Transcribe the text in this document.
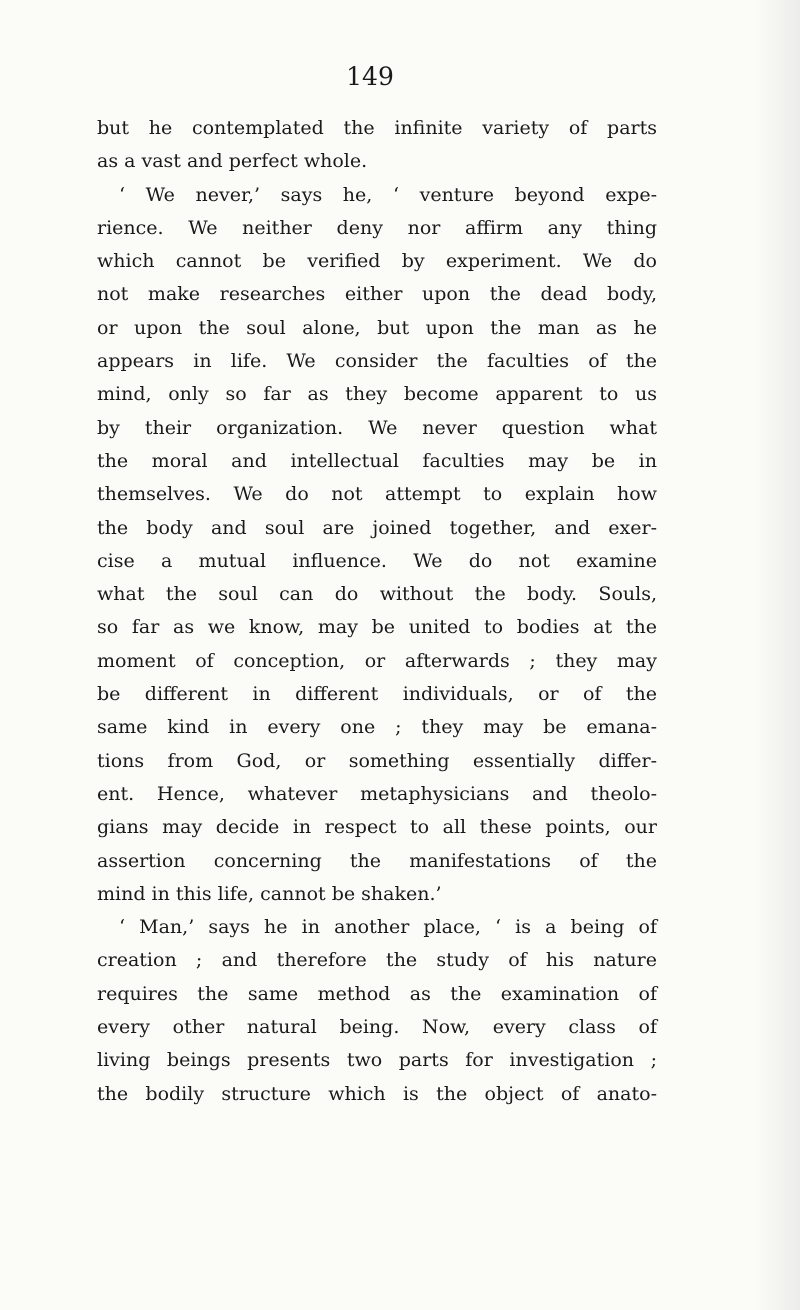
149
but he contemplated the infinite variety of parts
as a vast and perfect whole.
‘ We never,’ says he, ‘ venture beyond expe-
rience. We neither deny nor affirm any thing
which cannot be verified by experiment. We do
not make researches either upon the dead body,
or upon the soul alone, but upon the man as he
appears in life. We consider the faculties of the
mind, only so far as they become apparent to us
by their organization. We never question what
the moral and intellectual faculties may be in
themselves. We do not attempt to explain how
the body and soul are joined together, and exer-
cise a mutual influence. We do not examine
what the soul can do without the body. Souls,
so far as we know, may be united to bodies at the
moment of conception, or afterwards ; they may
be different in different individuals, or of the
same kind in every one ; they may be emana-
tions from God, or something essentially differ-
ent. Hence, whatever metaphysicians and theolo-
gians may decide in respect to all these points, our
assertion concerning the manifestations of the
mind in this life, cannot be shaken.’
‘ Man,’ says he in another place, ‘ is a being of
creation ; and therefore the study of his nature
requires the same method as the examination of
every other natural being. Now, every class of
living beings presents two parts for investigation ;
the bodily structure which is the object of anato-
